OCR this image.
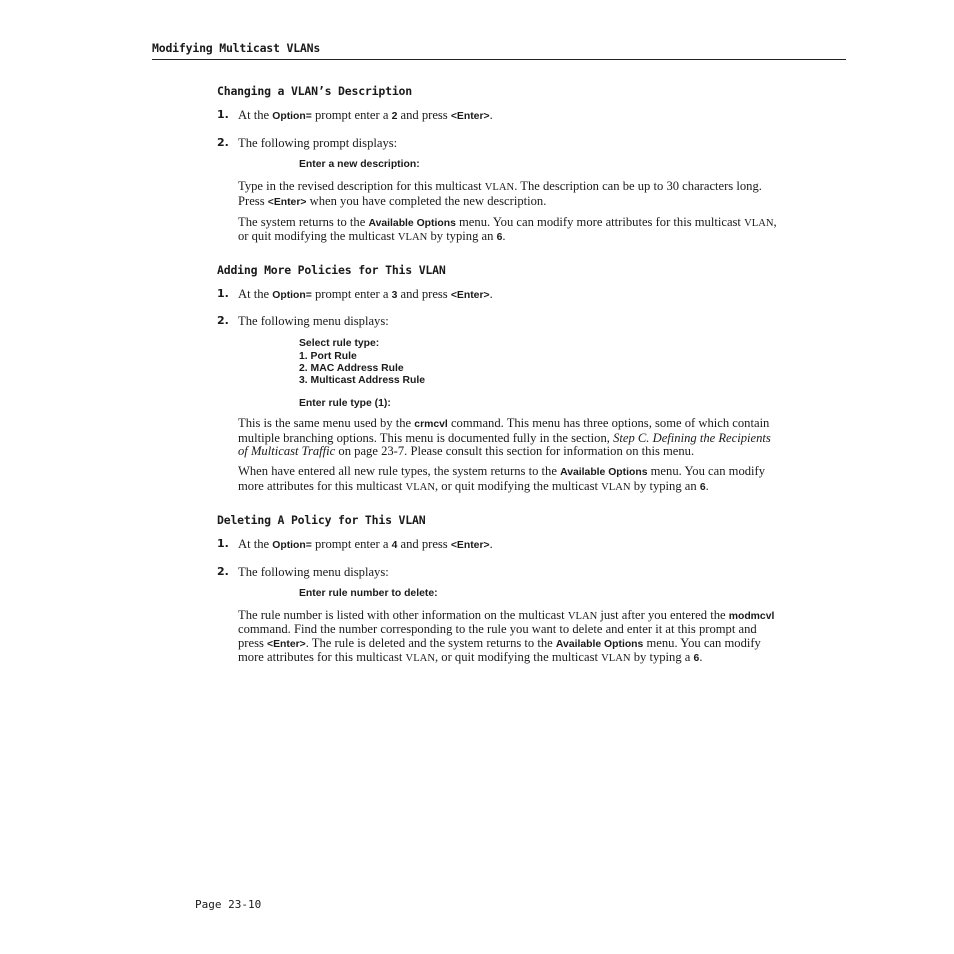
Modifying Multicast VLANs
Changing a VLAN’s Description

1. At the Option= prompt enter a 2 and press <Enter>.

2. The following prompt displays:

Enter a new description:

Type in the revised description for this multicast VLAN. The description can be up to 30 characters long. Press <Enter> when you have completed the new description.

The system returns to the Available Options menu. You can modify more attributes for this multicast VLAN, or quit modifying the multicast VLAN by typing an 6.

Adding More Policies for This VLAN

1. At the Option= prompt enter a 3 and press <Enter>.

2. The following menu displays:

Select rule type:

1. Port Rule

2. MAC Address Rule

3. Multicast Address Rule

Enter rule type (1):

This is the same menu used by the crmcvl command. This menu has three options, some of which contain multiple branching options. This menu is documented fully in the section, Step C. Defining the Recipients of Multicast Traffic on page 23-7. Please consult this section for information on this menu.

When have entered all new rule types, the system returns to the Available Options menu. You can modify more attributes for this multicast VLAN, or quit modifying the multicast VLAN by typing an 6.

Deleting A Policy for This VLAN

1. At the Option= prompt enter a 4 and press <Enter>.

2. The following menu displays:

Enter rule number to delete:

The rule number is listed with other information on the multicast VLAN just after you entered the modmcvl command. Find the number corresponding to the rule you want to delete and enter it at this prompt and press <Enter>. The rule is deleted and the system returns to the Available Options menu. You can modify more attributes for this multicast VLAN, or quit modifying the multicast VLAN by typing a 6.

Page 23-10
